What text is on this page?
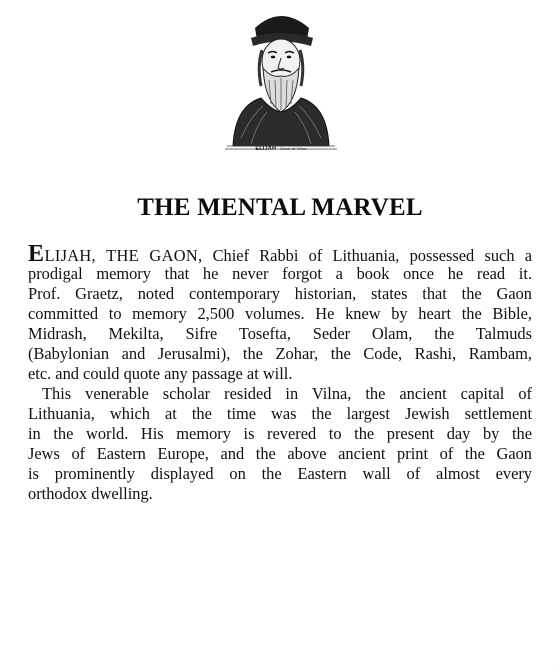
ELIJAH Gaon of Vilna
THE MENTAL MARVEL
ELIJAH, THE GAON, Chief Rabbi of Lithuania, possessed such a
prodigal memory that he never forgot a book once he read it.
Prof. Graetz, noted contemporary historian, states that the Gaon
committed to memory 2,500 volumes. He knew by heart the Bible,
Midrash, Mekilta, Sifre Tosefta, Seder Olam, the Talmuds
(Babylonian and Jerusalmi), the Zohar, the Code, Rashi, Rambam,
etc. and could quote any passage at will.
This venerable scholar resided in Vilna, the ancient capital of
Lithuania, which at the time was the largest Jewish settlement
in the world. His memory is revered to the present day by the
Jews of Eastern Europe, and the above ancient print of the Gaon
is prominently displayed on the Eastern wall of almost every
orthodox dwelling.
···
